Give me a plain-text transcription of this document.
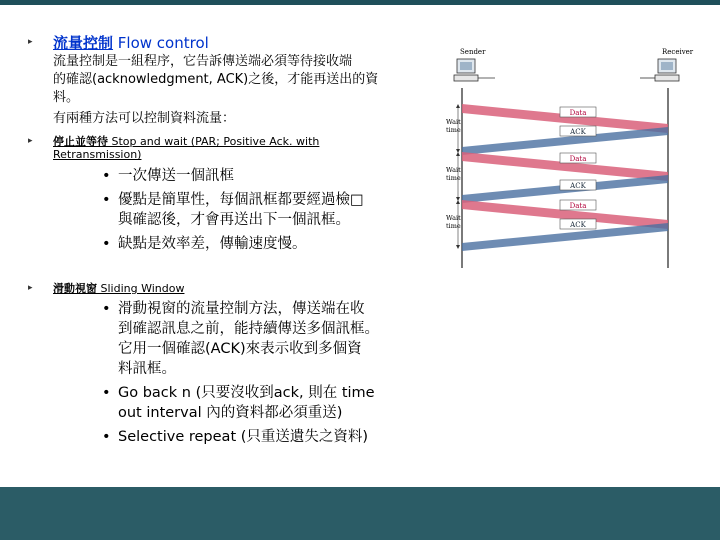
▸ 流量控制 Flow control
流量控制是一組程序，它告訴傳送端必須等待接收端
的確認(acknowledgment, ACK)之後，才能再送出的資
料。
有兩種方法可以控制資料流量：
▸ 停止並等待 Stop and wait (PAR; Positive Ack. with
Retransmission)
• 一次傳送一個訊框
• 優點是簡單性，每個訊框都要經過檢□
與確認後，才會再送出下一個訊框。
• 缺點是效率差，傳輸速度慢。
▸ 滑動視窗 Sliding Window
• 滑動視窗的流量控制方法，傳送端在收
到確認訊息之前，能持續傳送多個訊框。
它用一個確認(ACK)來表示收到多個資
料訊框。
• Go back n (只要沒收到ack, 則在 time
out interval 內的資料都必須重送)
• Selective repeat (只重送遺失之資料)
Sender	Receiver
Data
ACK
Data
ACK
Data
ACK
Wait
time
Wait
time
Wait
time
